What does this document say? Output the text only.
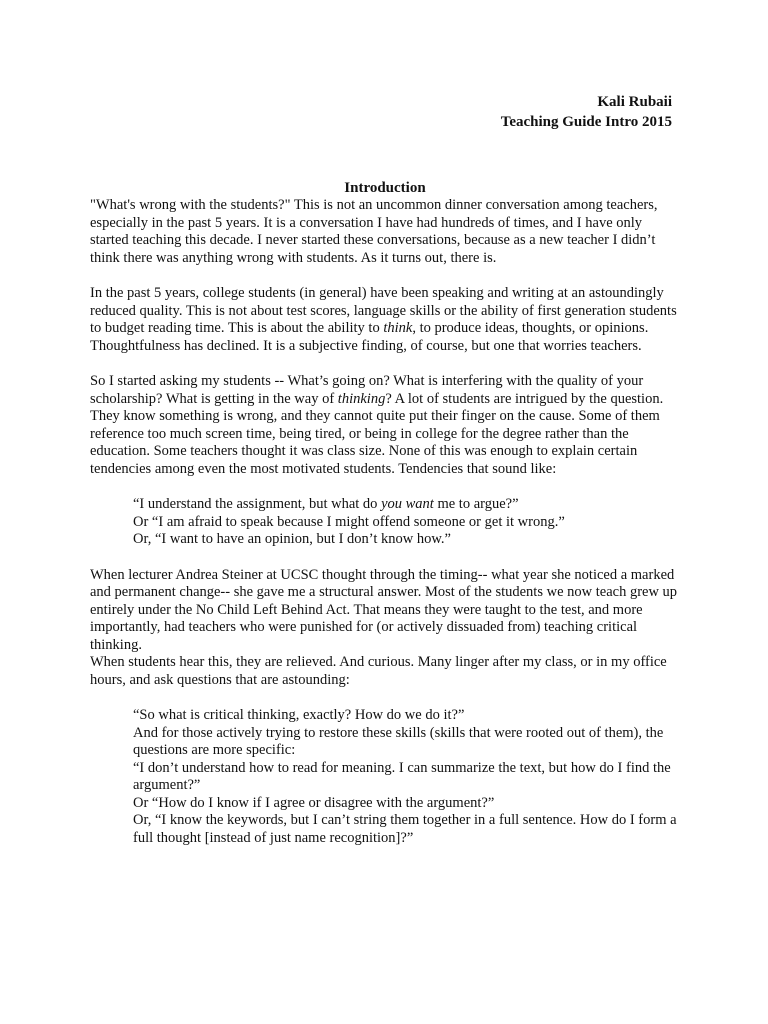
Kali Rubaii
Teaching Guide Intro 2015
Introduction

"What's wrong with the students?" This is not an uncommon dinner conversation among teachers, especially in the past 5 years. It is a conversation I have had hundreds of times, and I have only started teaching this decade. I never started these conversations, because as a new teacher I didn’t think there was anything wrong with students. As it turns out, there is.

In the past 5 years, college students (in general) have been speaking and writing at an astoundingly reduced quality. This is not about test scores, language skills or the ability of first generation students to budget reading time. This is about the ability to think, to produce ideas, thoughts, or opinions. Thoughtfulness has declined. It is a subjective finding, of course, but one that worries teachers.

So I started asking my students -- What’s going on? What is interfering with the quality of your scholarship? What is getting in the way of thinking? A lot of students are intrigued by the question. They know something is wrong, and they cannot quite put their finger on the cause. Some of them reference too much screen time, being tired, or being in college for the degree rather than the education. Some teachers thought it was class size. None of this was enough to explain certain tendencies among even the most motivated students. Tendencies that sound like:

“I understand the assignment, but what do you want me to argue?”

Or “I am afraid to speak because I might offend someone or get it wrong.”

Or, “I want to have an opinion, but I don’t know how.”

When lecturer Andrea Steiner at UCSC thought through the timing-- what year she noticed a marked and permanent change-- she gave me a structural answer. Most of the students we now teach grew up entirely under the No Child Left Behind Act. That means they were taught to the test, and more importantly, had teachers who were punished for (or actively dissuaded from) teaching critical thinking.

When students hear this, they are relieved. And curious. Many linger after my class, or in my office hours, and ask questions that are astounding:

“So what is critical thinking, exactly? How do we do it?”

And for those actively trying to restore these skills (skills that were rooted out of them), the questions are more specific:

“I don’t understand how to read for meaning. I can summarize the text, but how do I find the argument?”

Or “How do I know if I agree or disagree with the argument?”

Or, “I know the keywords, but I can’t string them together in a full sentence. How do I form a full thought [instead of just name recognition]?”
